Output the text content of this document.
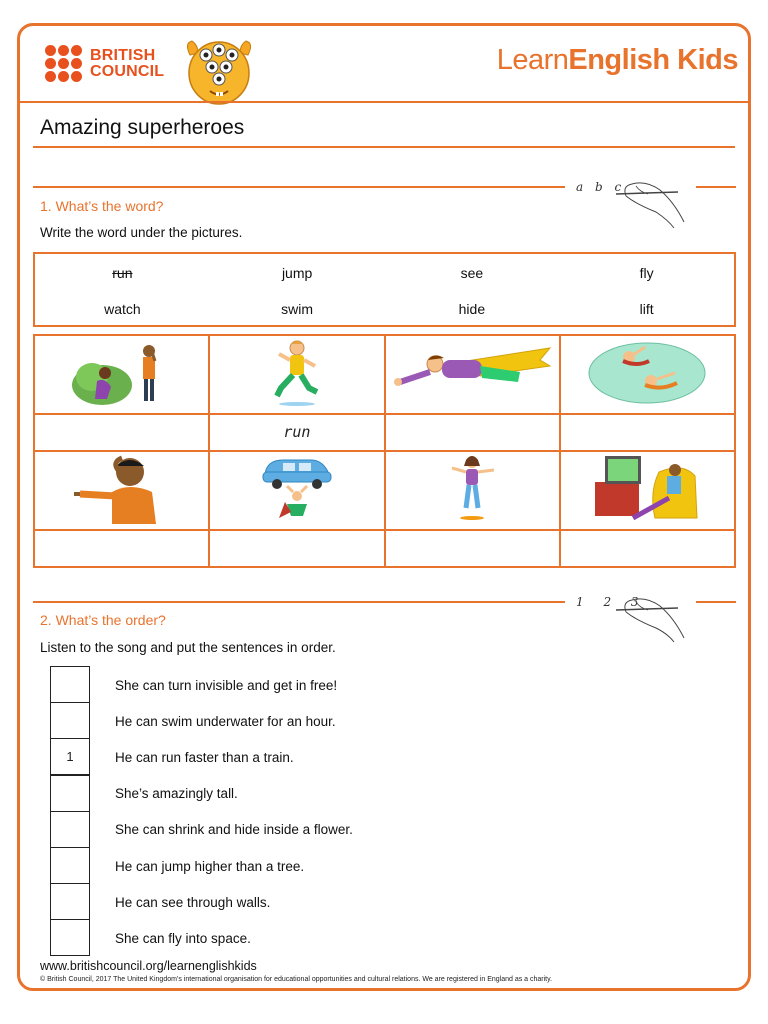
BRITISH
COUNCIL	LearnEnglish Kids
Amazing superheroes
a b c
1. What’s the word?
Write the word under the pictures.
run	jump	see	fly
watch	swim	hide	lift

	run		

1 2 3
2. What’s the order?
Listen to the song and put the sentences in order.
She can turn invisible and get in free!
He can swim underwater for an hour.
1	He can run faster than a train.
She’s amazingly tall.
She can shrink and hide inside a flower.
He can jump higher than a tree.
He can see through walls.
She can fly into space.
www.britishcouncil.org/learnenglishkids
© British Council, 2017 The United Kingdom’s international organisation for educational opportunities and cultural relations. We are registered in England as a charity.
